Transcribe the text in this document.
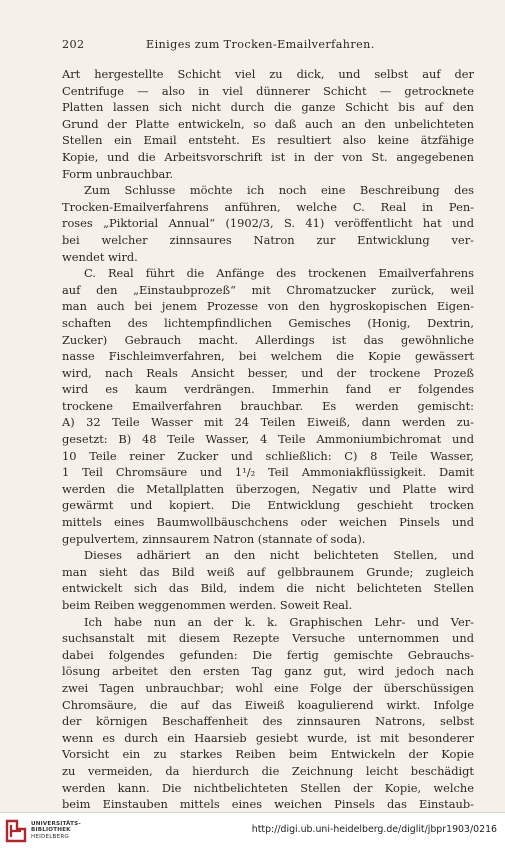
202	Einiges zum Trocken-Emailverfahren.
Art hergestellte Schicht viel zu dick, und selbst auf der
Centrifuge — also in viel dünnerer Schicht — getrocknete
Platten lassen sich nicht durch die ganze Schicht bis auf den
Grund der Platte entwickeln, so daß auch an den unbelichteten
Stellen ein Email entsteht. Es resultiert also keine ätzfähige
Kopie, und die Arbeitsvorschrift ist in der von St. angegebenen
Form unbrauchbar.
Zum Schlusse möchte ich noch eine Beschreibung des
Trocken-Emailverfahrens anführen, welche C. Real in Pen-
roses „Piktorial Annual“ (1902/3, S. 41) veröffentlicht hat und
bei welcher zinnsaures Natron zur Entwicklung ver-
wendet wird.
C. Real führt die Anfänge des trockenen Emailverfahrens
auf den „Einstaubprozeß“ mit Chromatzucker zurück, weil
man auch bei jenem Prozesse von den hygroskopischen Eigen-
schaften des lichtempfindlichen Gemisches (Honig, Dextrin,
Zucker) Gebrauch macht. Allerdings ist das gewöhnliche
nasse Fischleimverfahren, bei welchem die Kopie gewässert
wird, nach Reals Ansicht besser, und der trockene Prozeß
wird es kaum verdrängen. Immerhin fand er folgendes
trockene Emailverfahren brauchbar. Es werden gemischt:
A) 32 Teile Wasser mit 24 Teilen Eiweiß, dann werden zu-
gesetzt: B) 48 Teile Wasser, 4 Teile Ammoniumbichromat und
10 Teile reiner Zucker und schließlich: C) 8 Teile Wasser,
1 Teil Chromsäure und 1¹/₂ Teil Ammoniakflüssigkeit. Damit
werden die Metallplatten überzogen, Negativ und Platte wird
gewärmt und kopiert. Die Entwicklung geschieht trocken
mittels eines Baumwollbäuschchens oder weichen Pinsels und
gepulvertem, zinnsaurem Natron (stannate of soda).
Dieses adhäriert an den nicht belichteten Stellen, und
man sieht das Bild weiß auf gelbbraunem Grunde; zugleich
entwickelt sich das Bild, indem die nicht belichteten Stellen
beim Reiben weggenommen werden. Soweit Real.
Ich habe nun an der k. k. Graphischen Lehr- und Ver-
suchsanstalt mit diesem Rezepte Versuche unternommen und
dabei folgendes gefunden: Die fertig gemischte Gebrauchs-
lösung arbeitet den ersten Tag ganz gut, wird jedoch nach
zwei Tagen unbrauchbar; wohl eine Folge der überschüssigen
Chromsäure, die auf das Eiweiß koagulierend wirkt. Infolge
der körnigen Beschaffenheit des zinnsauren Natrons, selbst
wenn es durch ein Haarsieb gesiebt wurde, ist mit besonderer
Vorsicht ein zu starkes Reiben beim Entwickeln der Kopie
zu vermeiden, da hierdurch die Zeichnung leicht beschädigt
werden kann. Die nichtbelichteten Stellen der Kopie, welche
beim Einstauben mittels eines weichen Pinsels das Einstaub-
UNIVERSITÄTS-
BIBLIOTHEK
HEIDELBERG
http://digi.ub.uni-heidelberg.de/diglit/jbpr1903/0216
